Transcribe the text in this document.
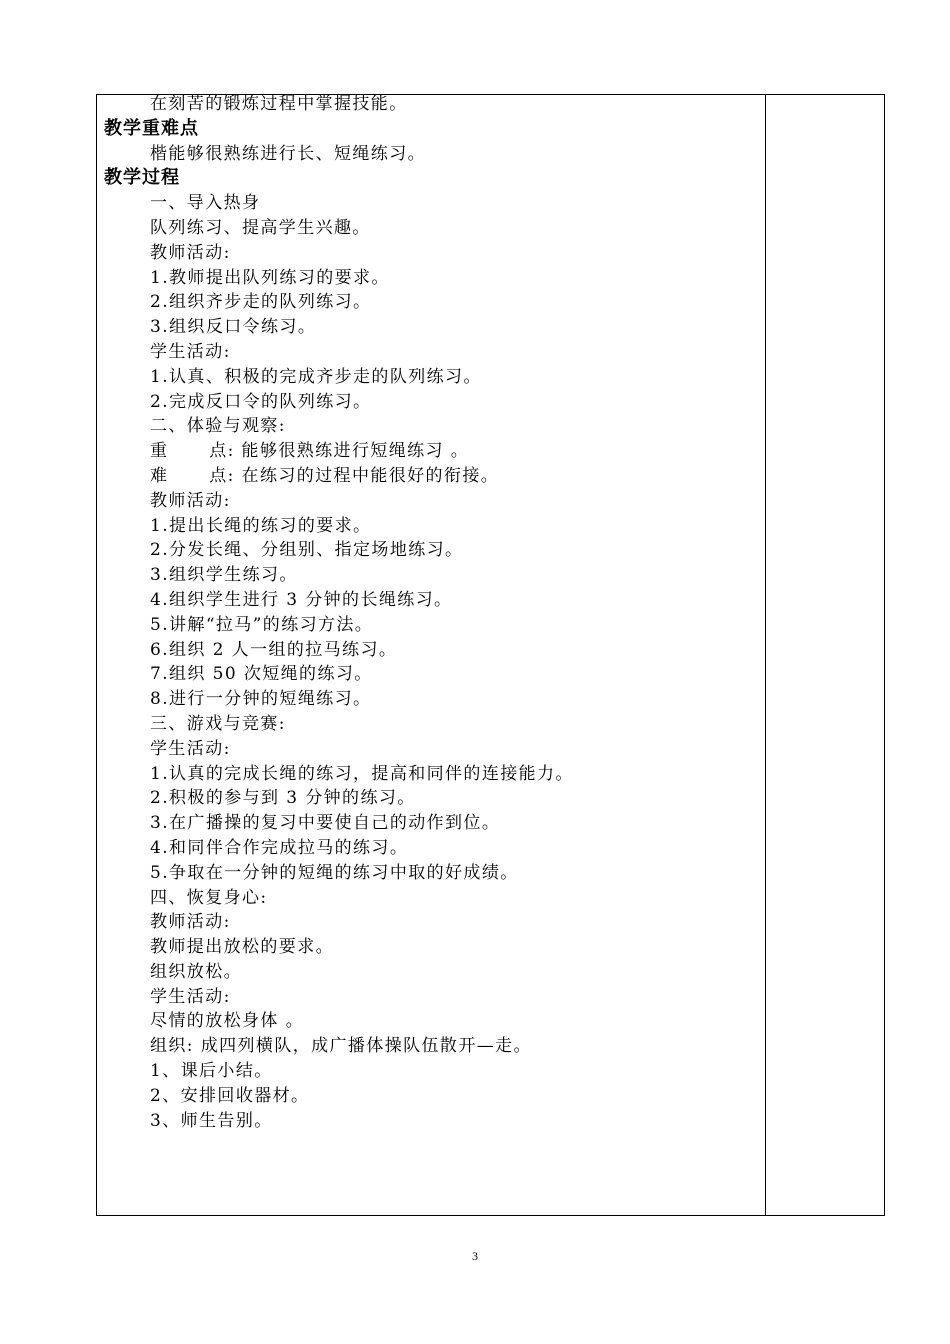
在刻苦的锻炼过程中掌握技能。
教学重难点
楷能够很熟练进行长、短绳练习。
教学过程
一、导入热身
队列练习、提高学生兴趣。
教师活动:
1.教师提出队列练习的要求。
2.组织齐步走的队列练习。
3.组织反口令练习。
学生活动:
1.认真、积极的完成齐步走的队列练习。
2.完成反口令的队列练习。
二、体验与观察:
重      点: 能够很熟练进行短绳练习 。
难      点: 在练习的过程中能很好的衔接。
教师活动:
1.提出长绳的练习的要求。
2.分发长绳、分组别、指定场地练习。
3.组织学生练习。
4.组织学生进行 3 分钟的长绳练习。
5.讲解“拉马”的练习方法。
6.组织 2 人一组的拉马练习。
7.组织 50 次短绳的练习。
8.进行一分钟的短绳练习。
三、游戏与竞赛:
学生活动:
1.认真的完成长绳的练习，提高和同伴的连接能力。
2.积极的参与到 3 分钟的练习。
3.在广播操的复习中要使自己的动作到位。
4.和同伴合作完成拉马的练习。
5.争取在一分钟的短绳的练习中取的好成绩。
四、恢复身心:
教师活动:
教师提出放松的要求。
组织放松。
学生活动:
尽情的放松身体 。
组织: 成四列横队，成广播体操队伍散开—走。
1、课后小结。
2、安排回收器材。
3、师生告别。
3
